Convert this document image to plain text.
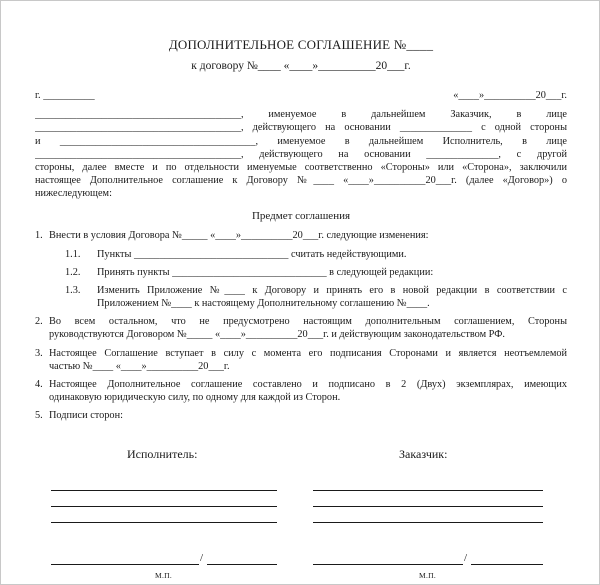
ДОПОЛНИТЕЛЬНОЕ СОГЛАШЕНИЕ №____
к договору №____ «____»__________20___г.
г. __________	«____»__________20___г.
________________________________________, именуемое в дальнейшем Заказчик, в лице
________________________________________, действующего на основании ______________ с одной стороны
и ______________________________________, именуемое в дальнейшем Исполнитель, в лице
________________________________________, действующего на основании ______________, с другой
стороны, далее вместе и по отдельности именуемые соответственно «Стороны» или «Сторона», заключили
настоящее Дополнительное соглашение к Договору №____ «____»__________20___г. (далее «Договор») о
нижеследующем:
Предмет соглашения
1. Внести в условия Договора №_____ «____»__________20___г. следующие изменения:
1.1.	Пункты ______________________________ считать недействующими.
1.2.	Принять пункты ______________________________ в следующей редакции:
1.3.	Изменить Приложение №____ к Договору и принять его в новой редакции в соответствии с
Приложением №____ к настоящему Дополнительному соглашению №____.
2. Во всем остальном, что не предусмотрено настоящим дополнительным соглашением, Стороны
руководствуются Договором №_____ «____»__________20___г. и действующим законодательством РФ.
3. Настоящее Соглашение вступает в силу с момента его подписания Сторонами и является неотъемлемой
частью №____ «____»__________20___г.
4. Настоящее Дополнительное соглашение составлено и подписано в 2 (Двух) экземплярах, имеющих
одинаковую юридическую силу, по одному для каждой из Сторон.
5. Подписи сторон:
Исполнитель:	Заказчик:
/	/
М.П.	М.П.
